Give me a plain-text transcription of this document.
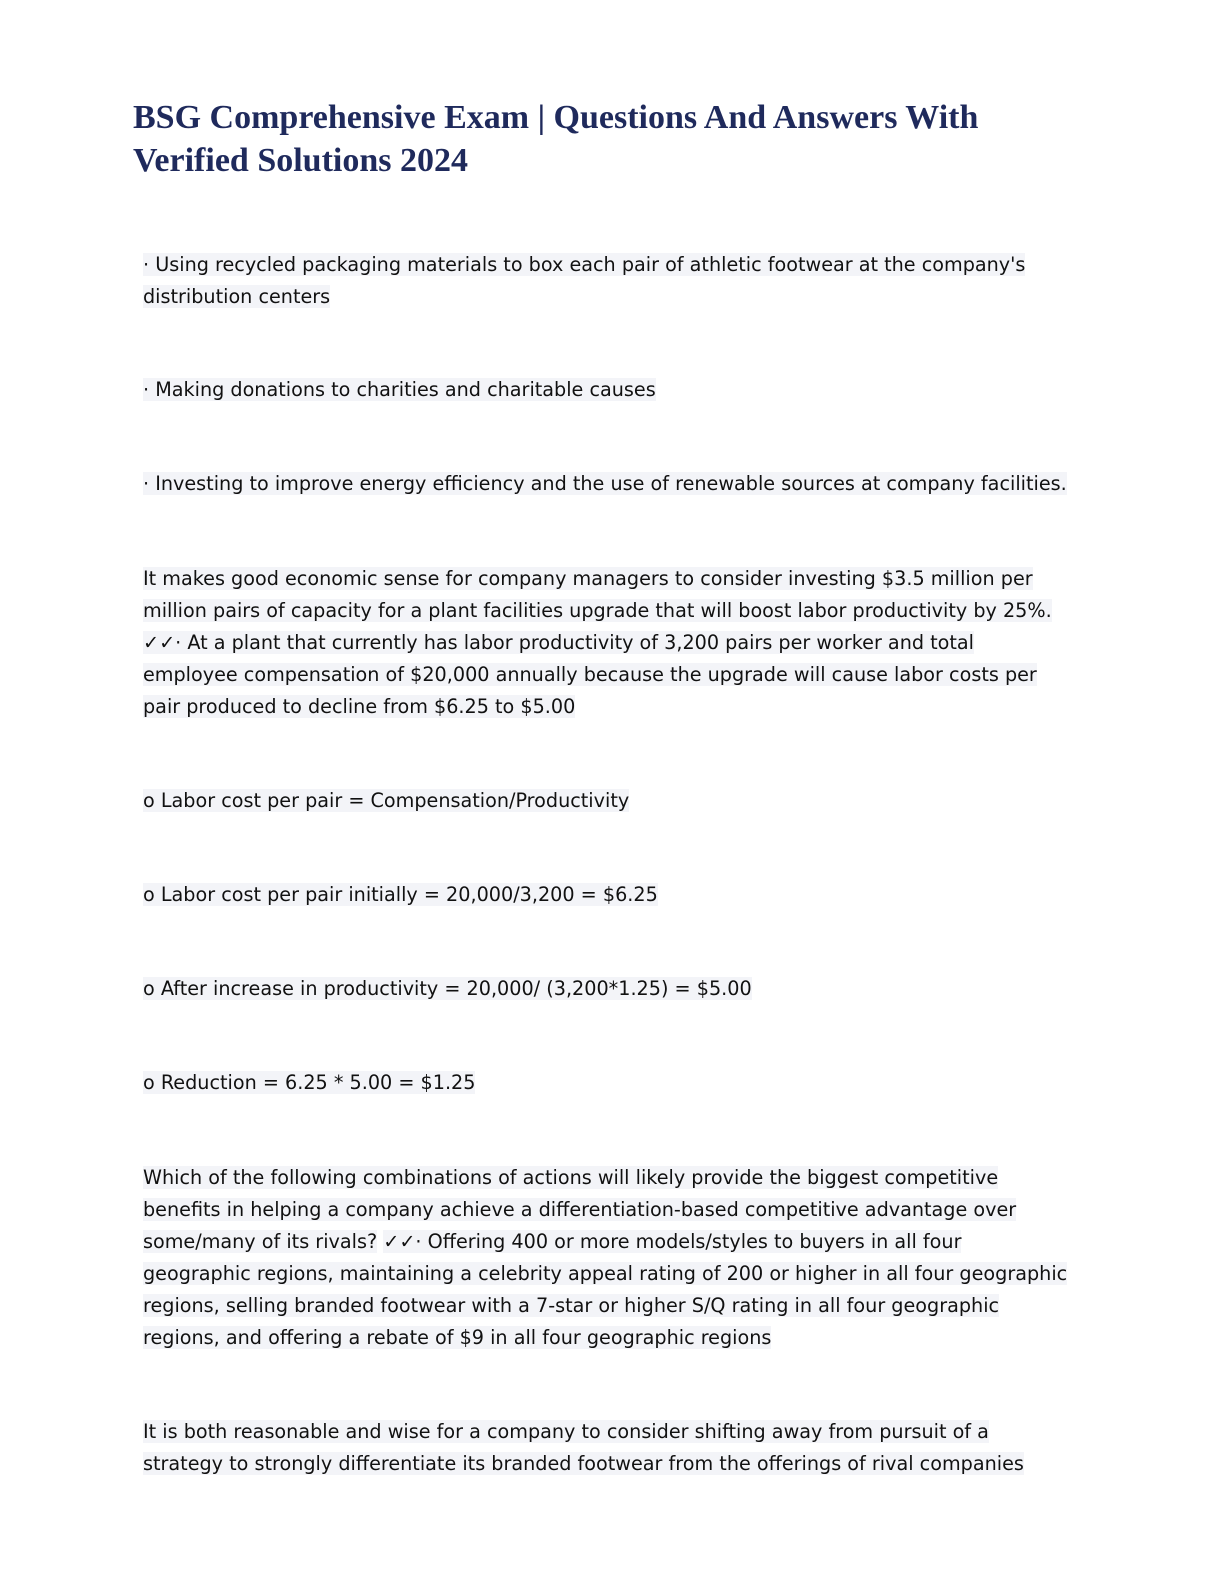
BSG Comprehensive Exam | Questions And Answers With
Verified Solutions 2024

· Using recycled packaging materials to box each pair of athletic footwear at the company's distribution centers

· Making donations to charities and charitable causes

· Investing to improve energy efficiency and the use of renewable sources at company facilities.

It makes good economic sense for company managers to consider investing $3.5 million per million pairs of capacity for a plant facilities upgrade that will boost labor productivity by 25%. ✓✓· At a plant that currently has labor productivity of 3,200 pairs per worker and total employee compensation of $20,000 annually because the upgrade will cause labor costs per pair produced to decline from $6.25 to $5.00

o Labor cost per pair = Compensation/Productivity

o Labor cost per pair initially = 20,000/3,200 = $6.25

o After increase in productivity = 20,000/ (3,200*1.25) = $5.00

o Reduction = 6.25 * 5.00 = $1.25

Which of the following combinations of actions will likely provide the biggest competitive benefits in helping a company achieve a differentiation-based competitive advantage over some/many of its rivals? ✓✓· Offering 400 or more models/styles to buyers in all four geographic regions, maintaining a celebrity appeal rating of 200 or higher in all four geographic regions, selling branded footwear with a 7-star or higher S/Q rating in all four geographic regions, and offering a rebate of $9 in all four geographic regions

It is both reasonable and wise for a company to consider shifting away from pursuit of a strategy to strongly differentiate its branded footwear from the offerings of rival companies
